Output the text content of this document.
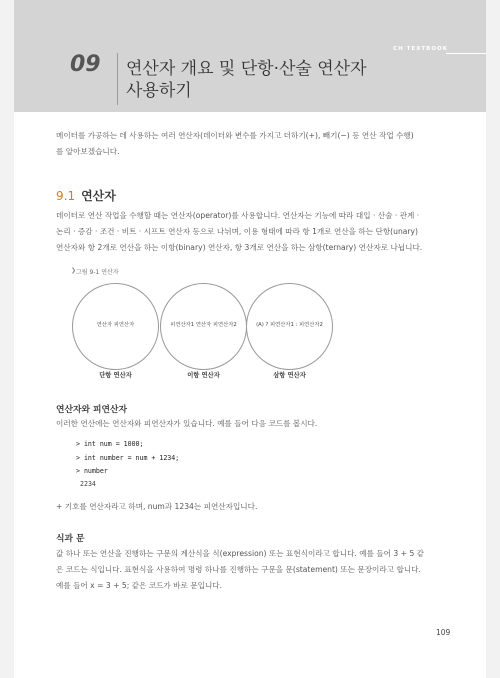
CH TEXTBOOK
09 연산자 개요 및 단항·산술 연산자
사용하기
메이터를 가공하는 데 사용하는 여러 연산자(데이터와 변수를 가지고 더하기(+), 빼기(−) 등 연산 작업 수행)
를 알아보겠습니다.
9.1 연산자
데이터로 연산 작업을 수행할 때는 연산자(operator)를 사용합니다. 연산자는 기능에 따라 대입 · 산술 · 관계 ·
논리 · 증감 · 조건 · 비트 · 시프트 연산자 등으로 나뉘며, 이용 형태에 따라 항 1개로 연산을 하는 단항(unary)
연산자와 항 2개로 연산을 하는 이항(binary) 연산자, 항 3개로 연산을 하는 삼항(ternary) 연산자로 나뉩니다.
❯ 그림 9-1 연산자
연산자 피연산자	피연산자1 연산자 피연산자2	(A) ? 피연산자1 : 피연산자2
단항 연산자	이항 연산자	삼항 연산자
연산자와 피연산자
이러한 연산에는 연산자와 피연산자가 있습니다. 예를 들어 다음 코드를 봅시다.
> int num = 1000;
> int number = num + 1234;
> number
2234
+ 기호를 연산자라고 하며, num과 1234는 피연산자입니다.
식과 문
값 하나 또는 연산을 진행하는 구문의 계산식을 식(expression) 또는 표현식이라고 합니다. 예를 들어 3 + 5 같
은 코드는 식입니다. 표현식을 사용하여 명령 하나를 진행하는 구문을 문(statement) 또는 문장이라고 합니다.
예를 들어 x = 3 + 5; 같은 코드가 바로 문입니다.
109
